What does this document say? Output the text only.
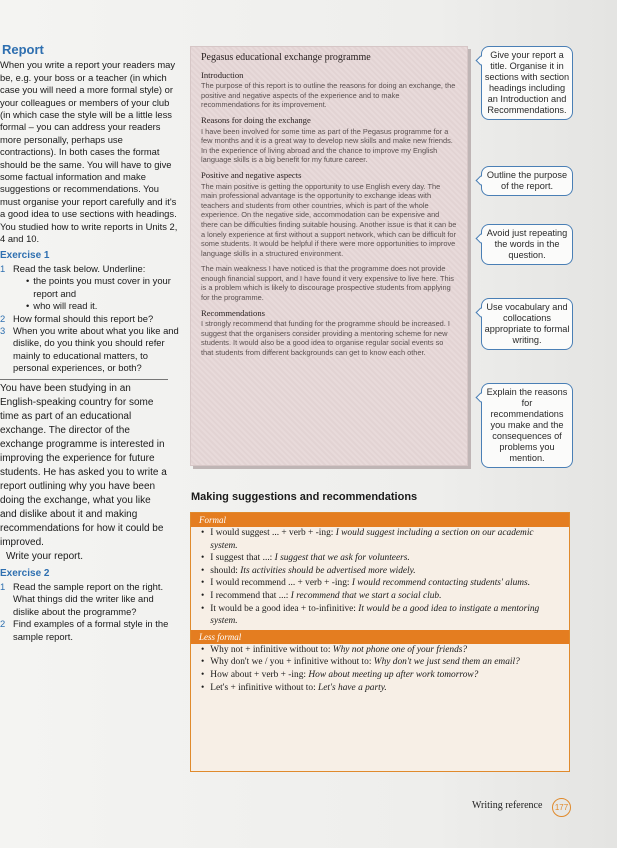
Report

When you write a report your readers may be, e.g. your boss or a teacher (in which case you will need a more formal style) or your colleagues or members of your club (in which case the style will be a little less formal – you can address your readers more personally, perhaps use contractions). In both cases the format should be the same. You will have to give some factual information and make suggestions or recommendations. You must organise your report carefully and it's a good idea to use sections with headings.

You studied how to write reports in Units 2, 4 and 10.

Exercise 1
1 Read the task below. Underline:
• the points you must cover in your report and
• who will read it.
2 How formal should this report be?
3 When you write about what you like and dislike, do you think you should refer mainly to educational matters, to personal experiences, or both?
You have been studying in an English-speaking country for some time as part of an educational exchange. The director of the exchange programme is interested in improving the experience for future students. He has asked you to write a report outlining why you have been doing the exchange, what you like and dislike about it and making recommendations for how it could be improved.
Write your report.
Exercise 2
1 Read the sample report on the right. What things did the writer like and dislike about the programme?
2 Find examples of a formal style in the sample report.
Pegasus educational exchange programme
Introduction

The purpose of this report is to outline the reasons for doing an exchange, the positive and negative aspects of the experience and to make recommendations for its improvement.

Reasons for doing the exchange

I have been involved for some time as part of the Pegasus programme for a few months and it is a great way to develop new skills and make new friends. In the experience of living abroad and the chance to improve my English language skills is a big benefit for my future career.

Positive and negative aspects

The main positive is getting the opportunity to use English every day. The main professional advantage is the opportunity to exchange ideas with teachers and students from other countries, which is part of the whole experience. On the negative side, accommodation can be expensive and there can be difficulties finding suitable housing. Another issue is that it can be a lonely experience at first without a support network, which can be difficult for some students. It would be helpful if there were more opportunities to improve language skills in a structured environment.

The main weakness I have noticed is that the programme does not provide enough financial support, and I have found it very expensive to live here. This is a problem which is likely to discourage prospective students from applying for the programme.

Recommendations

I strongly recommend that funding for the programme should be increased. I suggest that the organisers consider providing a mentoring scheme for new students. It would also be a good idea to organise regular social events so that students from different backgrounds can get to know each other.

Give your report a title. Organise it in sections with section headings including an Introduction and Recommendations.
Outline the purpose of the report.
Avoid just repeating the words in the question.
Use vocabulary and collocations appropriate to formal writing.
Explain the reasons for recommendations you make and the consequences of problems you mention.
Making suggestions and recommendations
Formal
• I would suggest ... + verb + -ing: I would suggest including a section on our academic system.
• I suggest that ...: I suggest that we ask for volunteers.
• should: Its activities should be advertised more widely.
• I would recommend ... + verb + -ing: I would recommend contacting students' alums.
• I recommend that ...: I recommend that we start a social club.
• It would be a good idea + to-infinitive: It would be a good idea to instigate a mentoring system.
Less formal
• Why not + infinitive without to: Why not phone one of your friends?
• Why don't we / you + infinitive without to: Why don't we just send them an email?
• How about + verb + -ing: How about meeting up after work tomorrow?
• Let's + infinitive without to: Let's have a party.
Writing reference	177
